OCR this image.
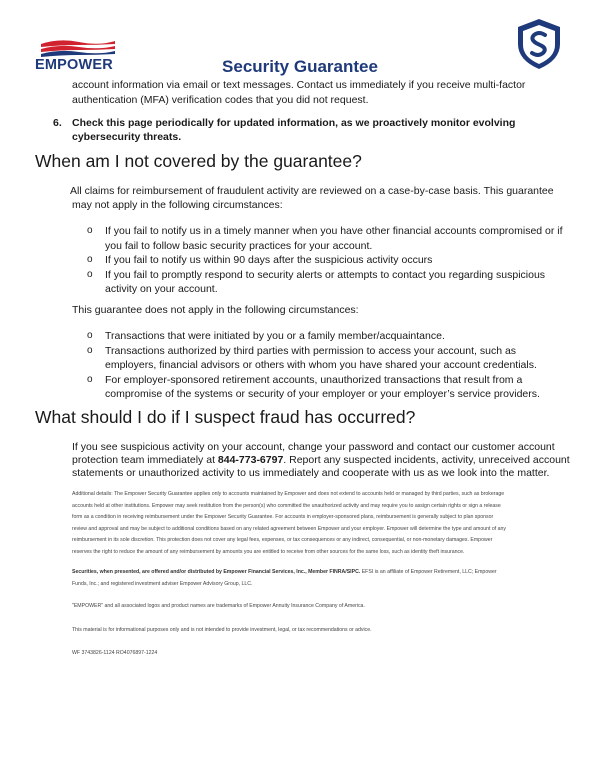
EMPOWER	Security Guarantee
account information via email or text messages. Contact us immediately if you receive multi-factor
authentication (MFA) verification codes that you did not request.
6. Check this page periodically for updated information, as we proactively monitor evolving
cybersecurity threats.
When am I not covered by the guarantee?
All claims for reimbursement of fraudulent activity are reviewed on a case-by-case basis. This guarantee
may not apply in the following circumstances:
o If you fail to notify us in a timely manner when you have other financial accounts compromised or if
you fail to follow basic security practices for your account.
o If you fail to notify us within 90 days after the suspicious activity occurs
o If you fail to promptly respond to security alerts or attempts to contact you regarding suspicious
activity on your account.
This guarantee does not apply in the following circumstances:
o Transactions that were initiated by you or a family member/acquaintance.
o Transactions authorized by third parties with permission to access your account, such as
employers, financial advisors or others with whom you have shared your account credentials.
o For employer-sponsored retirement accounts, unauthorized transactions that result from a
compromise of the systems or security of your employer or your employer’s service providers.
What should I do if I suspect fraud has occurred?
If you see suspicious activity on your account, change your password and contact our customer account
protection team immediately at 844-773-6797. Report any suspected incidents, activity, unreceived account
statements or unauthorized activity to us immediately and cooperate with us as we look into the matter.
Additional details: The Empower Security Guarantee applies only to accounts maintained by Empower and does not extend to accounts held or managed by third parties, such as brokerage
accounts held at other institutions. Empower may seek restitution from the person(s) who committed the unauthorized activity and may require you to assign certain rights or sign a release
form as a condition in receiving reimbursement under the Empower Security Guarantee. For accounts in employer-sponsored plans, reimbursement is generally subject to plan sponsor
review and approval and may be subject to additional conditions based on any related agreement between Empower and your employer. Empower will determine the type and amount of any
reimbursement in its sole discretion. This protection does not cover any legal fees, expenses, or tax consequences or any indirect, consequential, or non-monetary damages. Empower
reserves the right to reduce the amount of any reimbursement by amounts you are entitled to receive from other sources for the same loss, such as identity theft insurance.
Securities, when presented, are offered and/or distributed by Empower Financial Services, Inc., Member FINRA/SIPC. EFSI is an affiliate of Empower Retirement, LLC; Empower
Funds, Inc.; and registered investment adviser Empower Advisory Group, LLC.
"EMPOWER" and all associated logos and product names are trademarks of Empower Annuity Insurance Company of America.
This material is for informational purposes only and is not intended to provide investment, legal, or tax recommendations or advice.
WF 3743826-1124 RO4076897-1224
